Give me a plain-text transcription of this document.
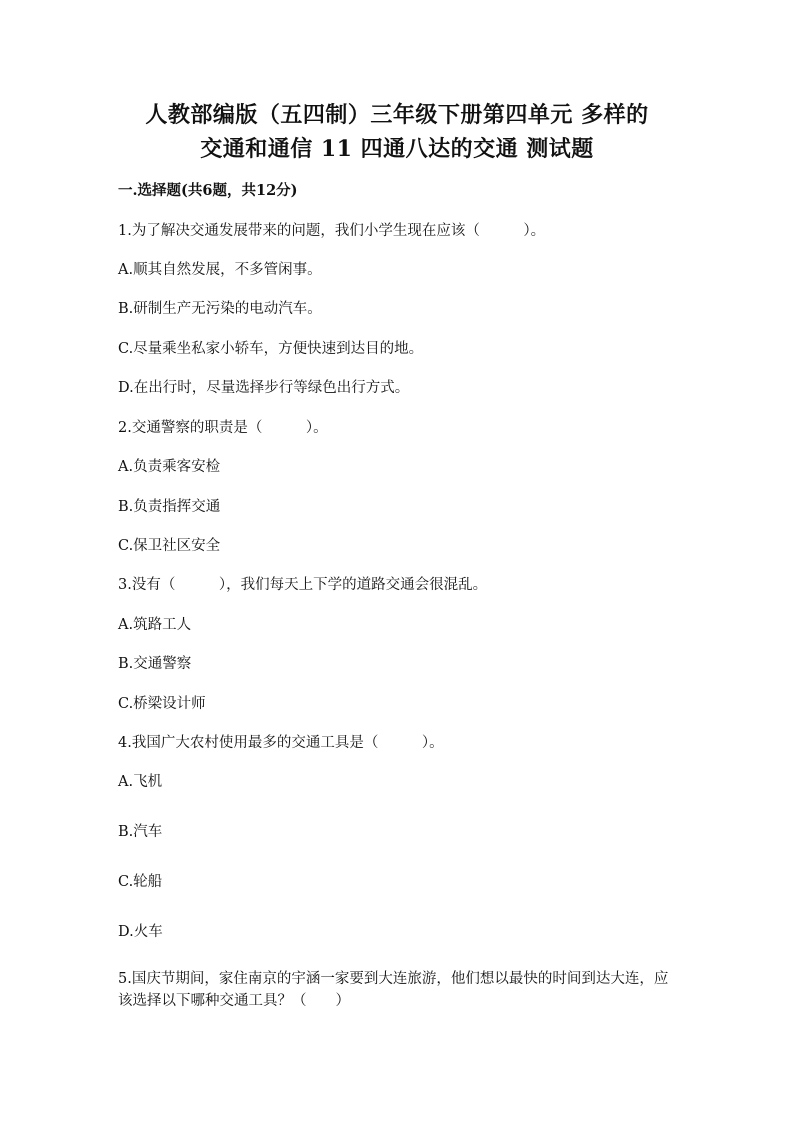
人教部编版（五四制）三年级下册第四单元 多样的
交通和通信 11 四通八达的交通 测试题
一.选择题(共6题，共12分)
1.为了解决交通发展带来的问题，我们小学生现在应该（　　　）。
A.顺其自然发展，不多管闲事。
B.研制生产无污染的电动汽车。
C.尽量乘坐私家小轿车，方便快速到达目的地。
D.在出行时，尽量选择步行等绿色出行方式。
2.交通警察的职责是（　　　）。
A.负责乘客安检
B.负责指挥交通
C.保卫社区安全
3.没有（　　　），我们每天上下学的道路交通会很混乱。
A.筑路工人
B.交通警察
C.桥梁设计师
4.我国广大农村使用最多的交通工具是（　　　）。
A.飞机
B.汽车
C.轮船
D.火车
5.国庆节期间，家住南京的宇涵一家要到大连旅游，他们想以最快的时间到达大连，应该选择以下哪种交通工具？（　　）
